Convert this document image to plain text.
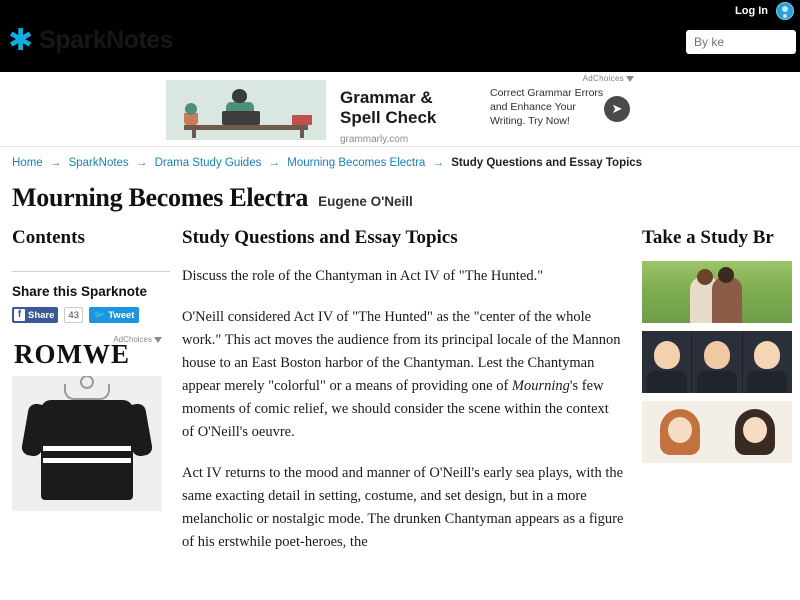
Log In
✱ SparkNotes
By ke
Grammar & Spell Check
grammarly.com
AdChoices
Correct Grammar Errors and Enhance Your Writing. Try Now!
➤
Home → SparkNotes → Drama Study Guides → Mourning Becomes Electra → Study Questions and Essay Topics
Mourning Becomes Electra Eugene O'Neill
Contents
Share this Sparknote
f Share	43	🐦 Tweet
AdChoices
ROMWE
Study Questions and Essay Topics

Discuss the role of the Chantyman in Act IV of "The Hunted."

O'Neill considered Act IV of "The Hunted" as the "center of the whole work." This act moves the audience from its principal locale of the Mannon house to an East Boston harbor of the Chantyman. Lest the Chantyman appear merely "colorful" or a means of providing one of Mourning's few moments of comic relief, we should consider the scene within the context of O'Neill's oeuvre.

Act IV returns to the mood and manner of O'Neill's early sea plays, with the same exacting detail in setting, costume, and set design, but in a more melancholic or nostalgic mode. The drunken Chantyman appears as a figure of his erstwhile poet-heroes, the

Take a Study Br
